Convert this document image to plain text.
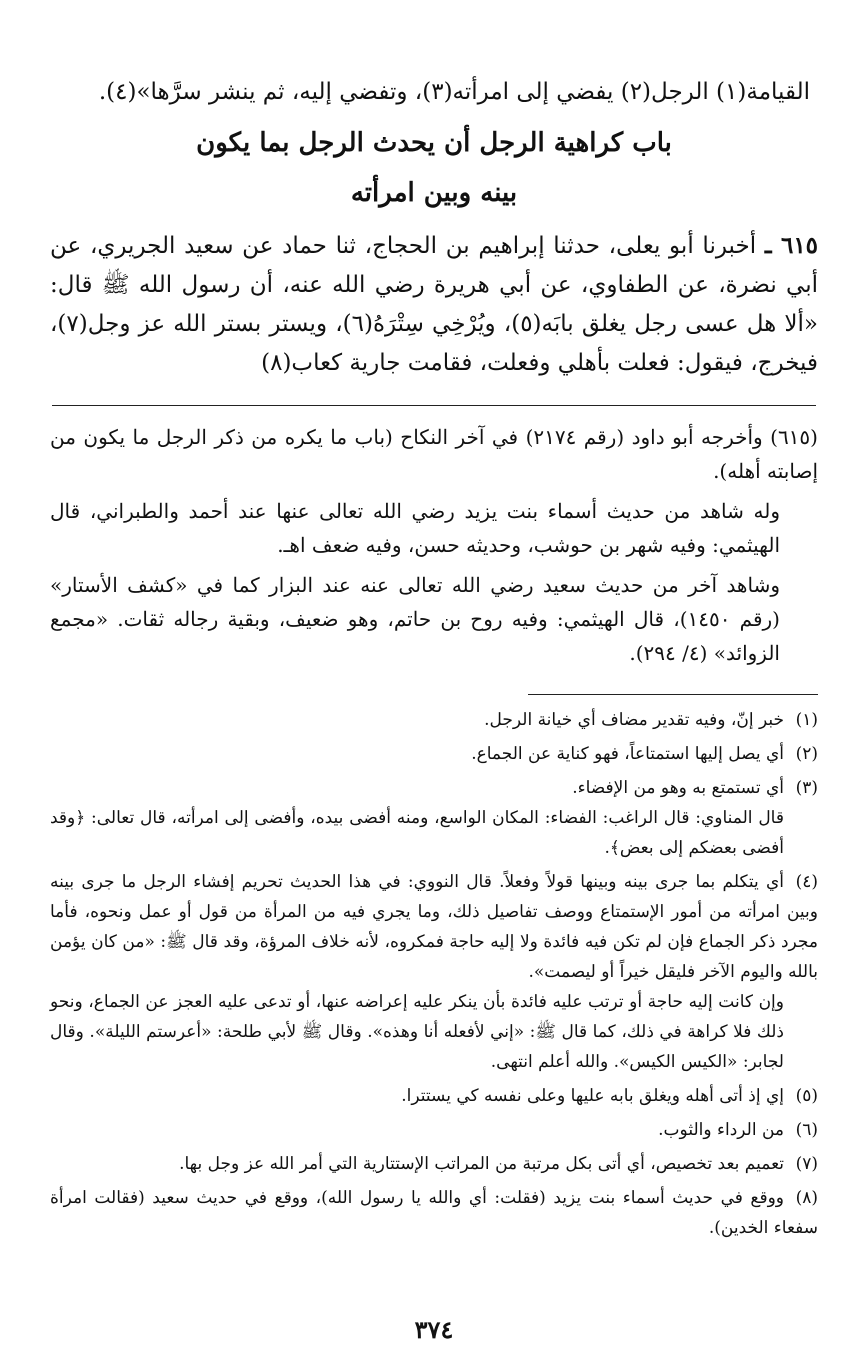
القيامة(١) الرجل(٢) يفضي إلى امرأته(٣)، وتفضي إليه، ثم ينشر سرَّها»(٤).

باب كراهية الرجل أن يحدث الرجل بما يكون
بينه وبين امرأته

٦١٥ ـ أخبرنا أبو يعلى، حدثنا إبراهيم بن الحجاج، ثنا حماد عن سعيد الجريري، عن أبي نضرة، عن الطفاوي، عن أبي هريرة رضي الله عنه، أن رسول الله ﷺ قال: «ألا هل عسى رجل يغلق بابَه(٥)، ويُرْخِي سِتْرَهُ(٦)، ويستر بستر الله عز وجل(٧)، فيخرج، فيقول: فعلت بأهلي وفعلت، فقامت جارية كعاب(٨)

(٦١٥) وأخرجه أبو داود (رقم ٢١٧٤) في آخر النكاح (باب ما يكره من ذكر الرجل ما يكون من إصابته أهله).

وله شاهد من حديث أسماء بنت يزيد رضي الله تعالى عنها عند أحمد والطبراني، قال الهيثمي: وفيه شهر بن حوشب، وحديثه حسن، وفيه ضعف اهـ.

وشاهد آخر من حديث سعيد رضي الله تعالى عنه عند البزار كما في «كشف الأستار» (رقم ١٤٥٠)، قال الهيثمي: وفيه روح بن حاتم، وهو ضعيف، وبقية رجاله ثقات. «مجمع الزوائد» (٤/ ٢٩٤).

(١)خبر إنّ، وفيه تقدير مضاف أي خيانة الرجل.
(٢)أي يصل إليها استمتاعاً، فهو كناية عن الجماع.
(٣)أي تستمتع به وهو من الإفضاء.
قال المناوي: قال الراغب: الفضاء: المكان الواسع، ومنه أفضى بيده، وأفضى إلى امرأته، قال تعالى: ﴿وقد أفضى بعضكم إلى بعض﴾.
(٤)أي يتكلم بما جرى بينه وبينها قولاً وفعلاً. قال النووي: في هذا الحديث تحريم إفشاء الرجل ما جرى بينه وبين امرأته من أمور الإستمتاع ووصف تفاصيل ذلك، وما يجري فيه من المرأة من قول أو عمل ونحوه، فأما مجرد ذكر الجماع فإن لم تكن فيه فائدة ولا إليه حاجة فمكروه، لأنه خلاف المرؤة، وقد قال ﷺ: «من كان يؤمن بالله واليوم الآخر فليقل خيراً أو ليصمت».
وإن كانت إليه حاجة أو ترتب عليه فائدة بأن ينكر عليه إعراضه عنها، أو تدعى عليه العجز عن الجماع، ونحو ذلك فلا كراهة في ذلك، كما قال ﷺ: «إني لأفعله أنا وهذه». وقال ﷺ لأبي طلحة: «أعرستم الليلة». وقال لجابر: «الكيس الكيس». والله أعلم انتهى.
(٥)إي إذ أتى أهله ويغلق بابه عليها وعلى نفسه كي يستترا.
(٦)من الرداء والثوب.
(٧)تعميم بعد تخصيص، أي أتى بكل مرتبة من المراتب الإستتارية التي أمر الله عز وجل بها.
(٨)ووقع في حديث أسماء بنت يزيد (فقلت: أي والله يا رسول الله)، ووقع في حديث سعيد (فقالت امرأة سفعاء الخدين).
٣٧٤
